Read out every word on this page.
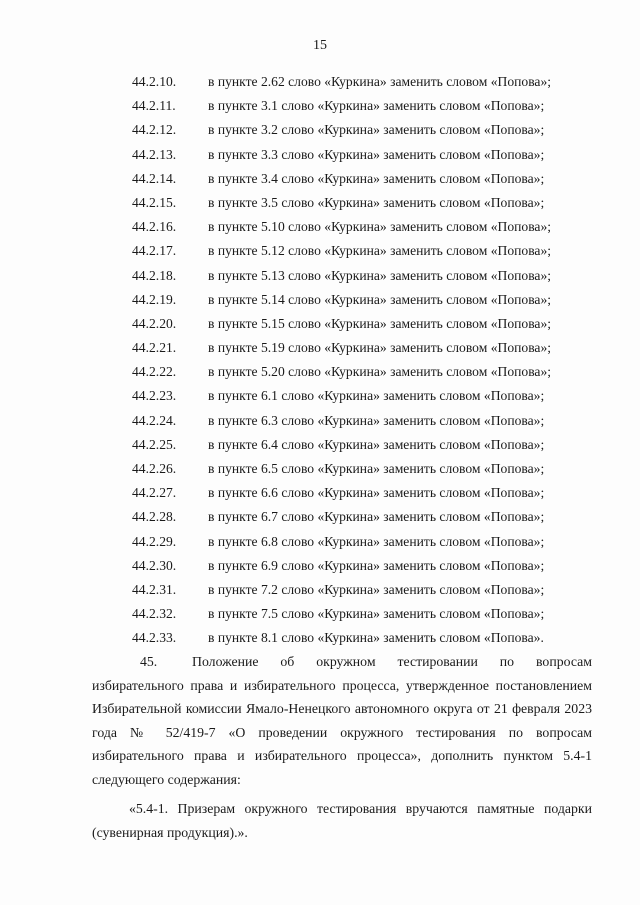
15
44.2.10. в пункте 2.62 слово «Куркина» заменить словом «Попова»;
44.2.11. в пункте 3.1 слово «Куркина» заменить словом «Попова»;
44.2.12. в пункте 3.2 слово «Куркина» заменить словом «Попова»;
44.2.13. в пункте 3.3 слово «Куркина» заменить словом «Попова»;
44.2.14. в пункте 3.4 слово «Куркина» заменить словом «Попова»;
44.2.15. в пункте 3.5 слово «Куркина» заменить словом «Попова»;
44.2.16. в пункте 5.10 слово «Куркина» заменить словом «Попова»;
44.2.17. в пункте 5.12 слово «Куркина» заменить словом «Попова»;
44.2.18. в пункте 5.13 слово «Куркина» заменить словом «Попова»;
44.2.19. в пункте 5.14 слово «Куркина» заменить словом «Попова»;
44.2.20. в пункте 5.15 слово «Куркина» заменить словом «Попова»;
44.2.21. в пункте 5.19 слово «Куркина» заменить словом «Попова»;
44.2.22. в пункте 5.20 слово «Куркина» заменить словом «Попова»;
44.2.23. в пункте 6.1 слово «Куркина» заменить словом «Попова»;
44.2.24. в пункте 6.3 слово «Куркина» заменить словом «Попова»;
44.2.25. в пункте 6.4 слово «Куркина» заменить словом «Попова»;
44.2.26. в пункте 6.5 слово «Куркина» заменить словом «Попова»;
44.2.27. в пункте 6.6 слово «Куркина» заменить словом «Попова»;
44.2.28. в пункте 6.7 слово «Куркина» заменить словом «Попова»;
44.2.29. в пункте 6.8 слово «Куркина» заменить словом «Попова»;
44.2.30. в пункте 6.9 слово «Куркина» заменить словом «Попова»;
44.2.31. в пункте 7.2 слово «Куркина» заменить словом «Попова»;
44.2.32. в пункте 7.5 слово «Куркина» заменить словом «Попова»;
44.2.33. в пункте 8.1 слово «Куркина» заменить словом «Попова».
45.	Положение об окружном тестировании по вопросам избирательного права и избирательного процесса, утвержденное постановлением Избирательной комиссии Ямало-Ненецкого автономного округа от 21 февраля 2023 года № 52/419-7 «О проведении окружного тестирования по вопросам избирательного права и избирательного процесса», дополнить пунктом 5.4-1 следующего содержания:
«5.4-1. Призерам окружного тестирования вручаются памятные подарки (сувенирная продукция).».
